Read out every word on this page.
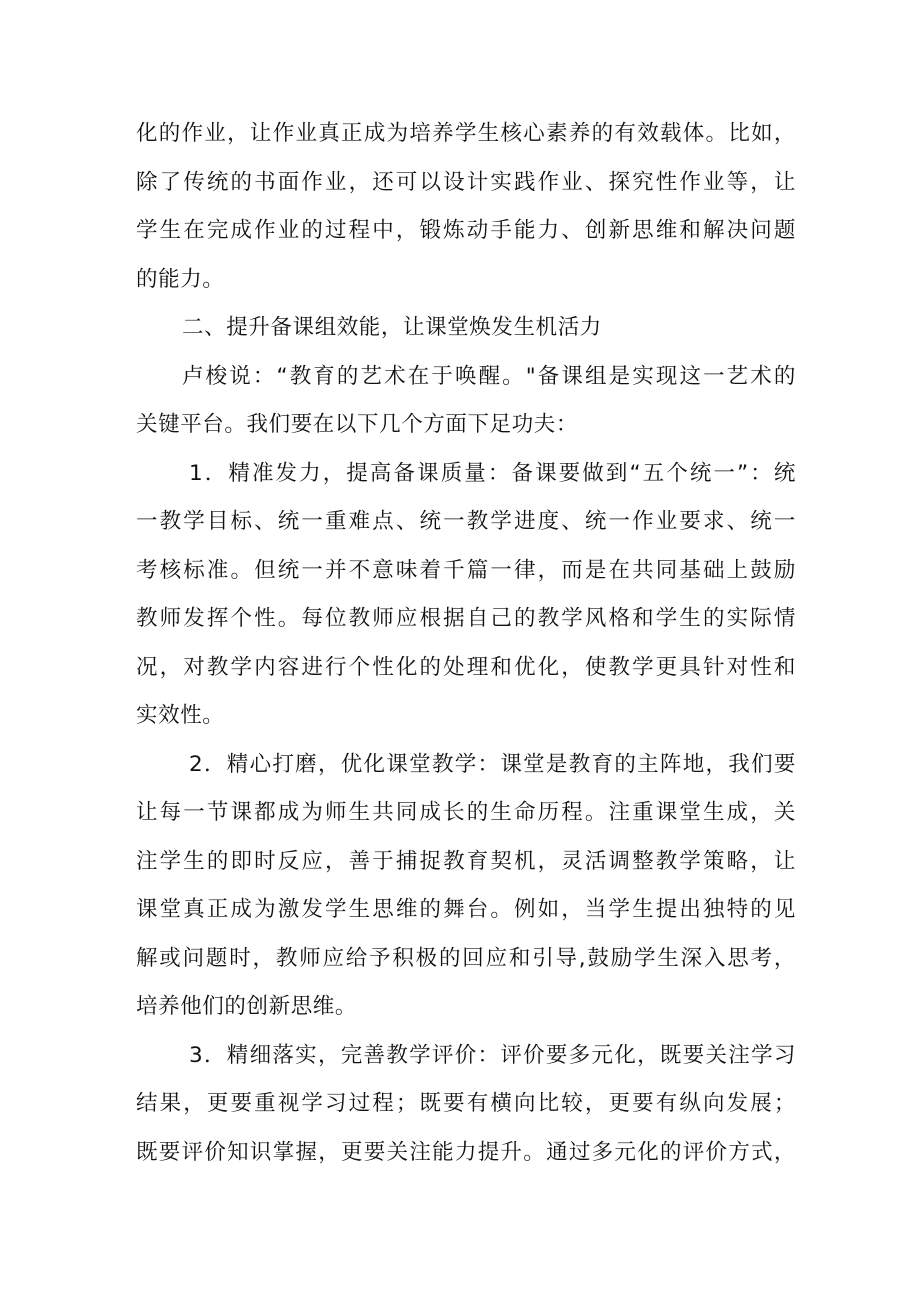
化的作业，让作业真正成为培养学生核心素养的有效载体。比如，
除了传统的书面作业，还可以设计实践作业、探究性作业等，让
学生在完成作业的过程中，锻炼动手能力、创新思维和解决问题
的能力。
二、提升备课组效能，让课堂焕发生机活力
卢梭说：“教育的艺术在于唤醒。"备课组是实现这一艺术的
关键平台。我们要在以下几个方面下足功夫：
1．精准发力，提高备课质量：备课要做到“五个统一”：统
一教学目标、统一重难点、统一教学进度、统一作业要求、统一
考核标准。但统一并不意味着千篇一律，而是在共同基础上鼓励
教师发挥个性。每位教师应根据自己的教学风格和学生的实际情
况，对教学内容进行个性化的处理和优化，使教学更具针对性和
实效性。
2．精心打磨，优化课堂教学：课堂是教育的主阵地，我们要
让每一节课都成为师生共同成长的生命历程。注重课堂生成，关
注学生的即时反应，善于捕捉教育契机，灵活调整教学策略，让
课堂真正成为激发学生思维的舞台。例如，当学生提出独特的见
解或问题时，教师应给予积极的回应和引导,鼓励学生深入思考，
培养他们的创新思维。
3．精细落实，完善教学评价：评价要多元化，既要关注学习
结果，更要重视学习过程；既要有横向比较，更要有纵向发展；
既要评价知识掌握，更要关注能力提升。通过多元化的评价方式，
